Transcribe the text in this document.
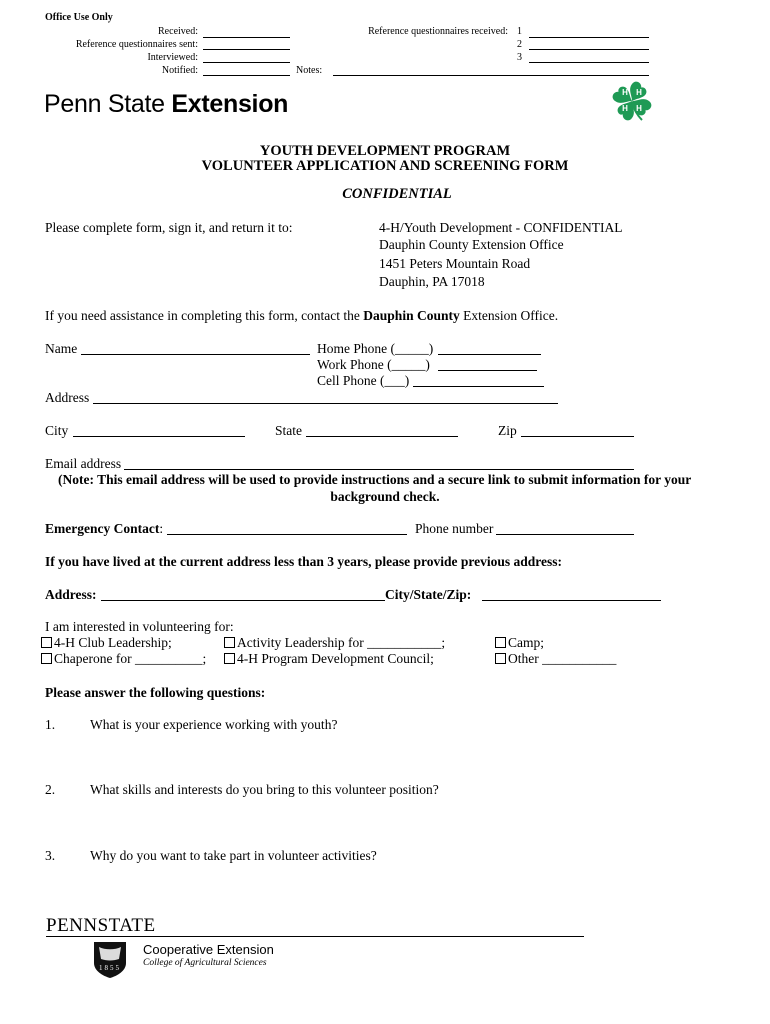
Office Use Only
Received:
Reference questionnaires sent:
Interviewed:
Notified:	Notes:
Reference questionnaires received: 1
2
3
Penn State Extension	H H
H H
YOUTH DEVELOPMENT PROGRAM
VOLUNTEER APPLICATION AND SCREENING FORM
CONFIDENTIAL
Please complete form, sign it, and return it to:	4-H/Youth Development - CONFIDENTIAL
Dauphin County Extension Office
1451 Peters Mountain Road
Dauphin, PA 17018
If you need assistance in completing this form, contact the Dauphin County Extension Office.
Name	Home Phone (_____)
Work Phone (_____)
Cell Phone (___)
Address
City	State	Zip
Email address
(Note: This email address will be used to provide instructions and a secure link to submit information for your
background check.
Emergency Contact:	Phone number
If you have lived at the current address less than 3 years, please provide previous address:
Address:	City/State/Zip:
I am interested in volunteering for:
4-H Club Leadership;	Activity Leadership for ___________;	Camp;
Chaperone for __________;	4-H Program Development Council;	Other ___________
Please answer the following questions:
1.	What is your experience working with youth?
2.	What skills and interests do you bring to this volunteer position?
3.	Why do you want to take part in volunteer activities?
PENNSTATE
1855
Cooperative Extension
College of Agricultural Sciences
